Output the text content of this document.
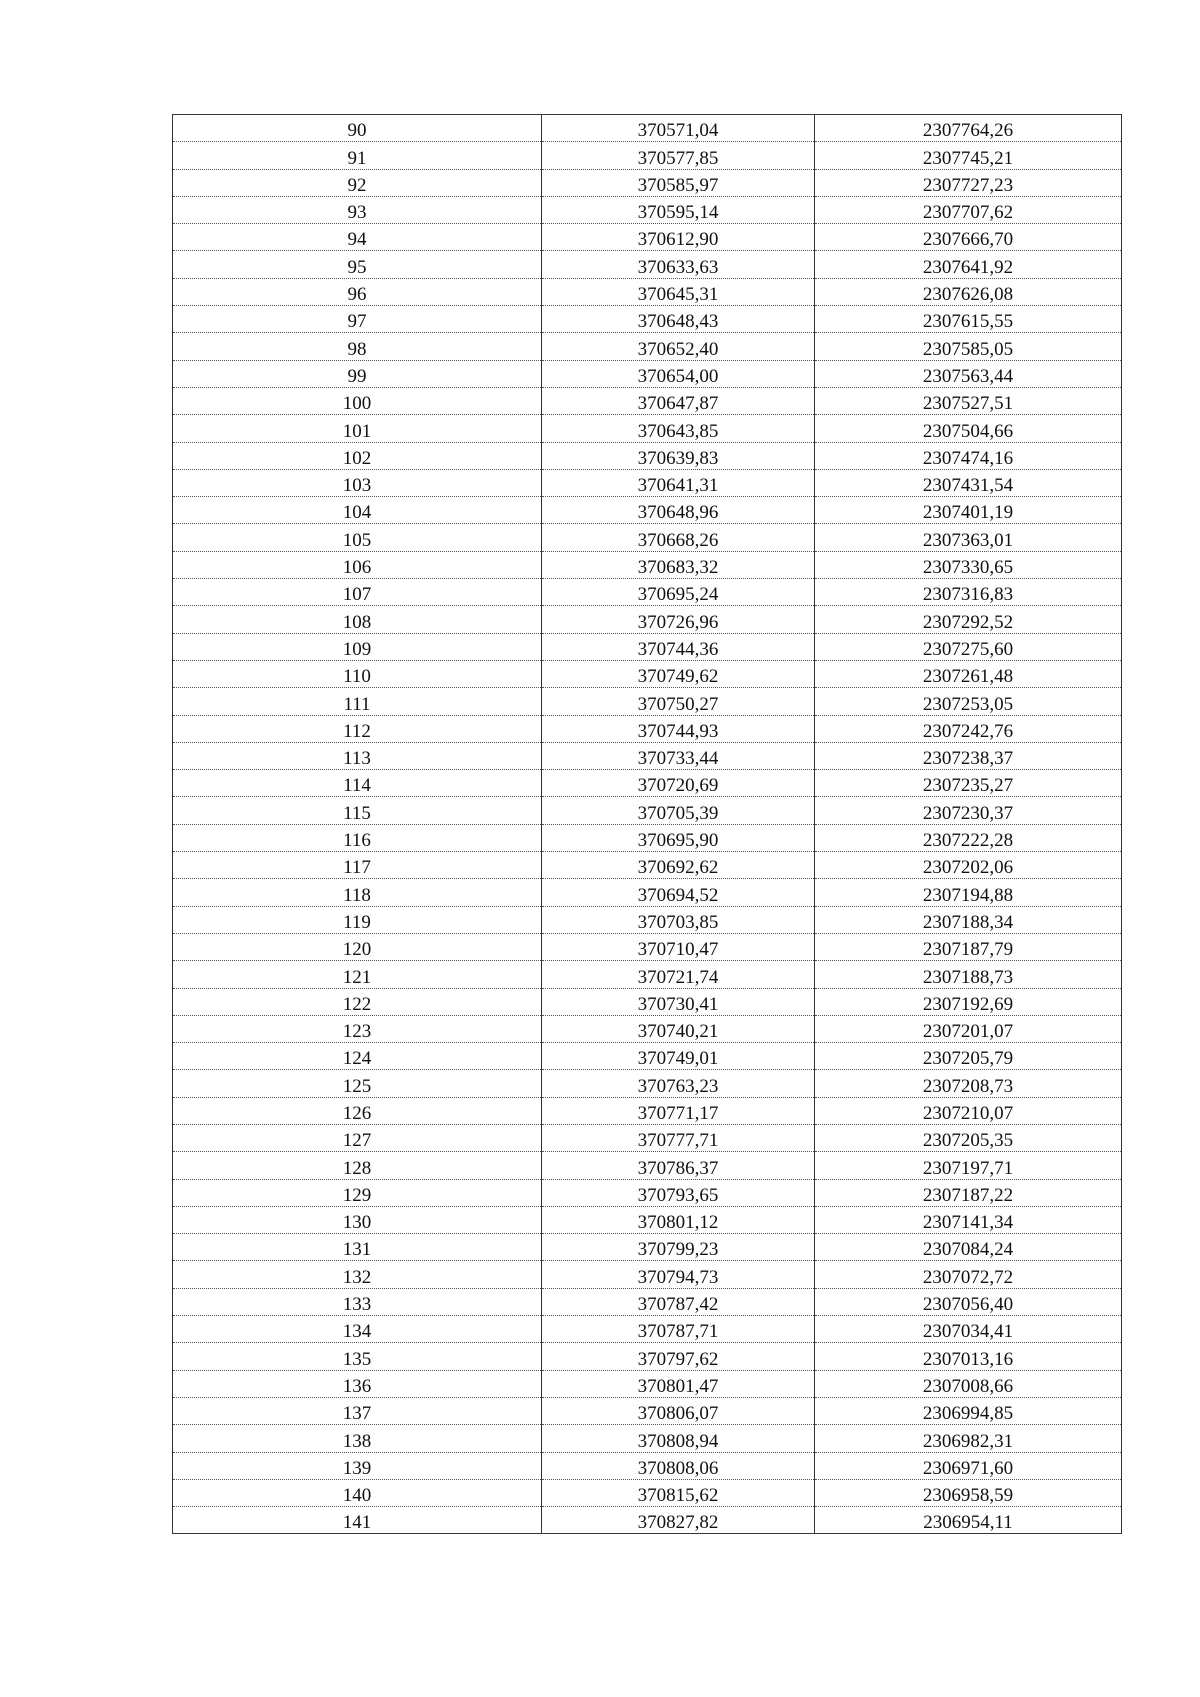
90	370571,04	2307764,26
91	370577,85	2307745,21
92	370585,97	2307727,23
93	370595,14	2307707,62
94	370612,90	2307666,70
95	370633,63	2307641,92
96	370645,31	2307626,08
97	370648,43	2307615,55
98	370652,40	2307585,05
99	370654,00	2307563,44
100	370647,87	2307527,51
101	370643,85	2307504,66
102	370639,83	2307474,16
103	370641,31	2307431,54
104	370648,96	2307401,19
105	370668,26	2307363,01
106	370683,32	2307330,65
107	370695,24	2307316,83
108	370726,96	2307292,52
109	370744,36	2307275,60
110	370749,62	2307261,48
111	370750,27	2307253,05
112	370744,93	2307242,76
113	370733,44	2307238,37
114	370720,69	2307235,27
115	370705,39	2307230,37
116	370695,90	2307222,28
117	370692,62	2307202,06
118	370694,52	2307194,88
119	370703,85	2307188,34
120	370710,47	2307187,79
121	370721,74	2307188,73
122	370730,41	2307192,69
123	370740,21	2307201,07
124	370749,01	2307205,79
125	370763,23	2307208,73
126	370771,17	2307210,07
127	370777,71	2307205,35
128	370786,37	2307197,71
129	370793,65	2307187,22
130	370801,12	2307141,34
131	370799,23	2307084,24
132	370794,73	2307072,72
133	370787,42	2307056,40
134	370787,71	2307034,41
135	370797,62	2307013,16
136	370801,47	2307008,66
137	370806,07	2306994,85
138	370808,94	2306982,31
139	370808,06	2306971,60
140	370815,62	2306958,59
141	370827,82	2306954,11
